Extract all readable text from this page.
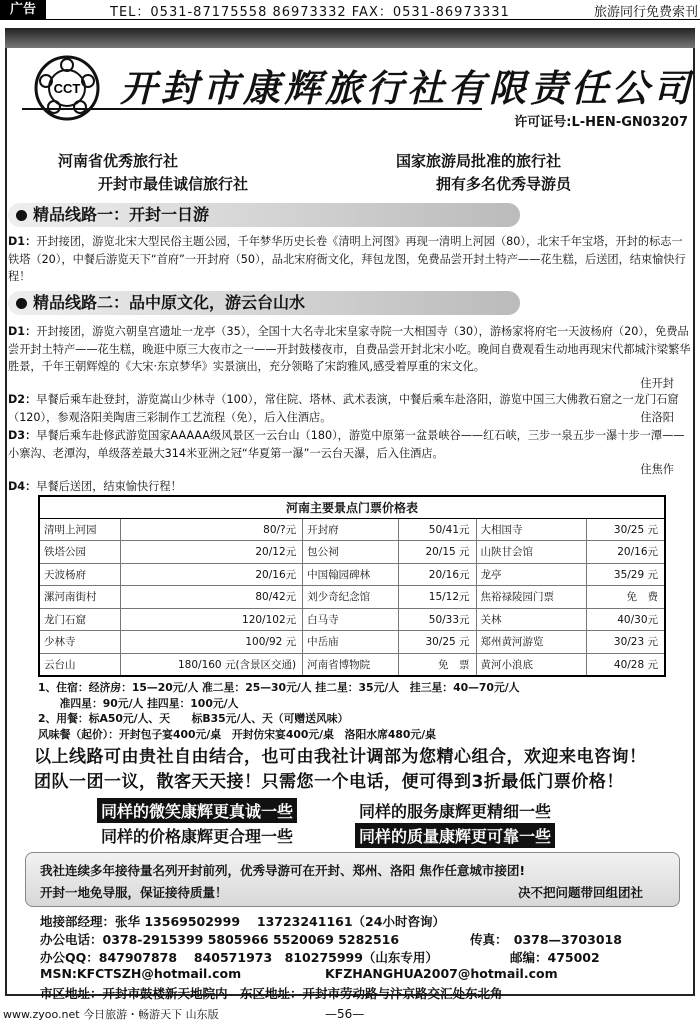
广告	TEL：0531-87175558 86973332 FAX：0531-86973331	旅游同行免费索刊
CCT 开封市康辉旅行社有限责任公司
许可证号:L-HEN-GN03207
河南省优秀旅行社
开封市最佳诚信旅行社
国家旅游局批准的旅行社
拥有多名优秀导游员
精品线路一：开封一日游
D1：开封接团，游览北宋大型民俗主题公园，千年梦华历史长卷《清明上河图》再现一清明上河园（80），北宋千年宝塔，开封的标志一铁塔（20），中餐后游览天下“首府”一开封府（50），品北宋府衙文化，拜包龙图，免费品尝开封土特产——花生糕，后送团，结束愉快行程！
精品线路二：品中原文化，游云台山水
D1：开封接团，游览六朝皇宫遗址一龙亭（35），全国十大名寺北宋皇家寺院一大相国寺（30），游杨家将府宅一天波杨府（20），免费品尝开封土特产——花生糕，晚逛中原三大夜市之一——开封鼓楼夜市，自费品尝开封北宋小吃。晚间自费观看生动地再现宋代都城汴梁繁华胜景，千年王朝辉煌的《大宋·东京梦华》实景演出，充分领略了宋韵雅风,感受着厚重的宋文化。
住开封
D2：早餐后乘车赴登封，游览嵩山少林寺（100），常住院、塔林、武术表演，中餐后乘车赴洛阳，游览中国三大佛教石窟之一龙门石窟（120），参观洛阳美陶唐三彩制作工艺流程（免），后入住酒店。	住洛阳
D3：早餐后乘车赴修武游览国家AAAAA级风景区一云台山（180），游览中原第一盆景峡谷——红石峡，三步一泉五步一瀑十步一潭——小寨沟、老潭沟，单级落差最大314米亚洲之冠“华夏第一瀑”一云台天瀑，后入住酒店。
住焦作
D4：早餐后送团，结束愉快行程！
河南主要景点门票价格表					
清明上河园	80/?元	开封府	50/41元	大相国寺	30/25 元
铁塔公园	20/12元	包公祠	20/15 元	山陕甘会馆	20/16元
天波杨府	20/16元	中国翰园碑林	20/16元	龙亭	35/29 元
漯河南街村	80/42元	刘少奇纪念馆	15/12元	焦裕禄陵园门票	免　费
龙门石窟	120/102元	白马寺	50/33元	关林	40/30元
少林寺	100/92 元	中岳庙	30/25 元	郑州黄河游览	30/23 元
云台山	180/160 元(含景区交通)	河南省博物院	免　票	黄河小浪底	40/28 元
1、住宿：经济房：15—20元/人 准二星：25—30元/人 挂二星：35元/人　挂三星：40—70元/人
　　准四星：90元/人 挂四星：100元/人
2、用餐：标A50元/人、天　　标B35元/人、天（可赠送风味）
风味餐（起价）：开封包子宴400元/桌　开封仿宋宴400元/桌　洛阳水席480元/桌
以上线路可由贵社自由结合，也可由我社计调部为您精心组合，欢迎来电咨询！
团队一团一议，散客天天接！只需您一个电话，便可得到3折最低门票价格！
同样的微笑康辉更真诚一些	同样的服务康辉更精细一些
同样的价格康辉更合理一些	同样的质量康辉更可靠一些
我社连续多年接待量名列开封前列，优秀导游可在开封、郑州、洛阳 焦作任意城市接团!
开封一地免导服，保证接待质量！	决不把问题带回组团社
地接部经理：张华 13569502999　 13723241161（24小时咨询）
办公电话：0378-2915399 5805966 5520069 5282516	传真：　0378—3703018
办公QQ：847907878　 840571973　810275999（山东专用）	邮编：475002
MSN:KFCTSZH@hotmail.com	KFZHANGHUA2007@hotmail.com
市区地址：开封市鼓楼新天地院内　东区地址：开封市劳动路与汴京路交汇处东北角
www.zyoo.net 今日旅游・畅游天下 山东版	—56—
